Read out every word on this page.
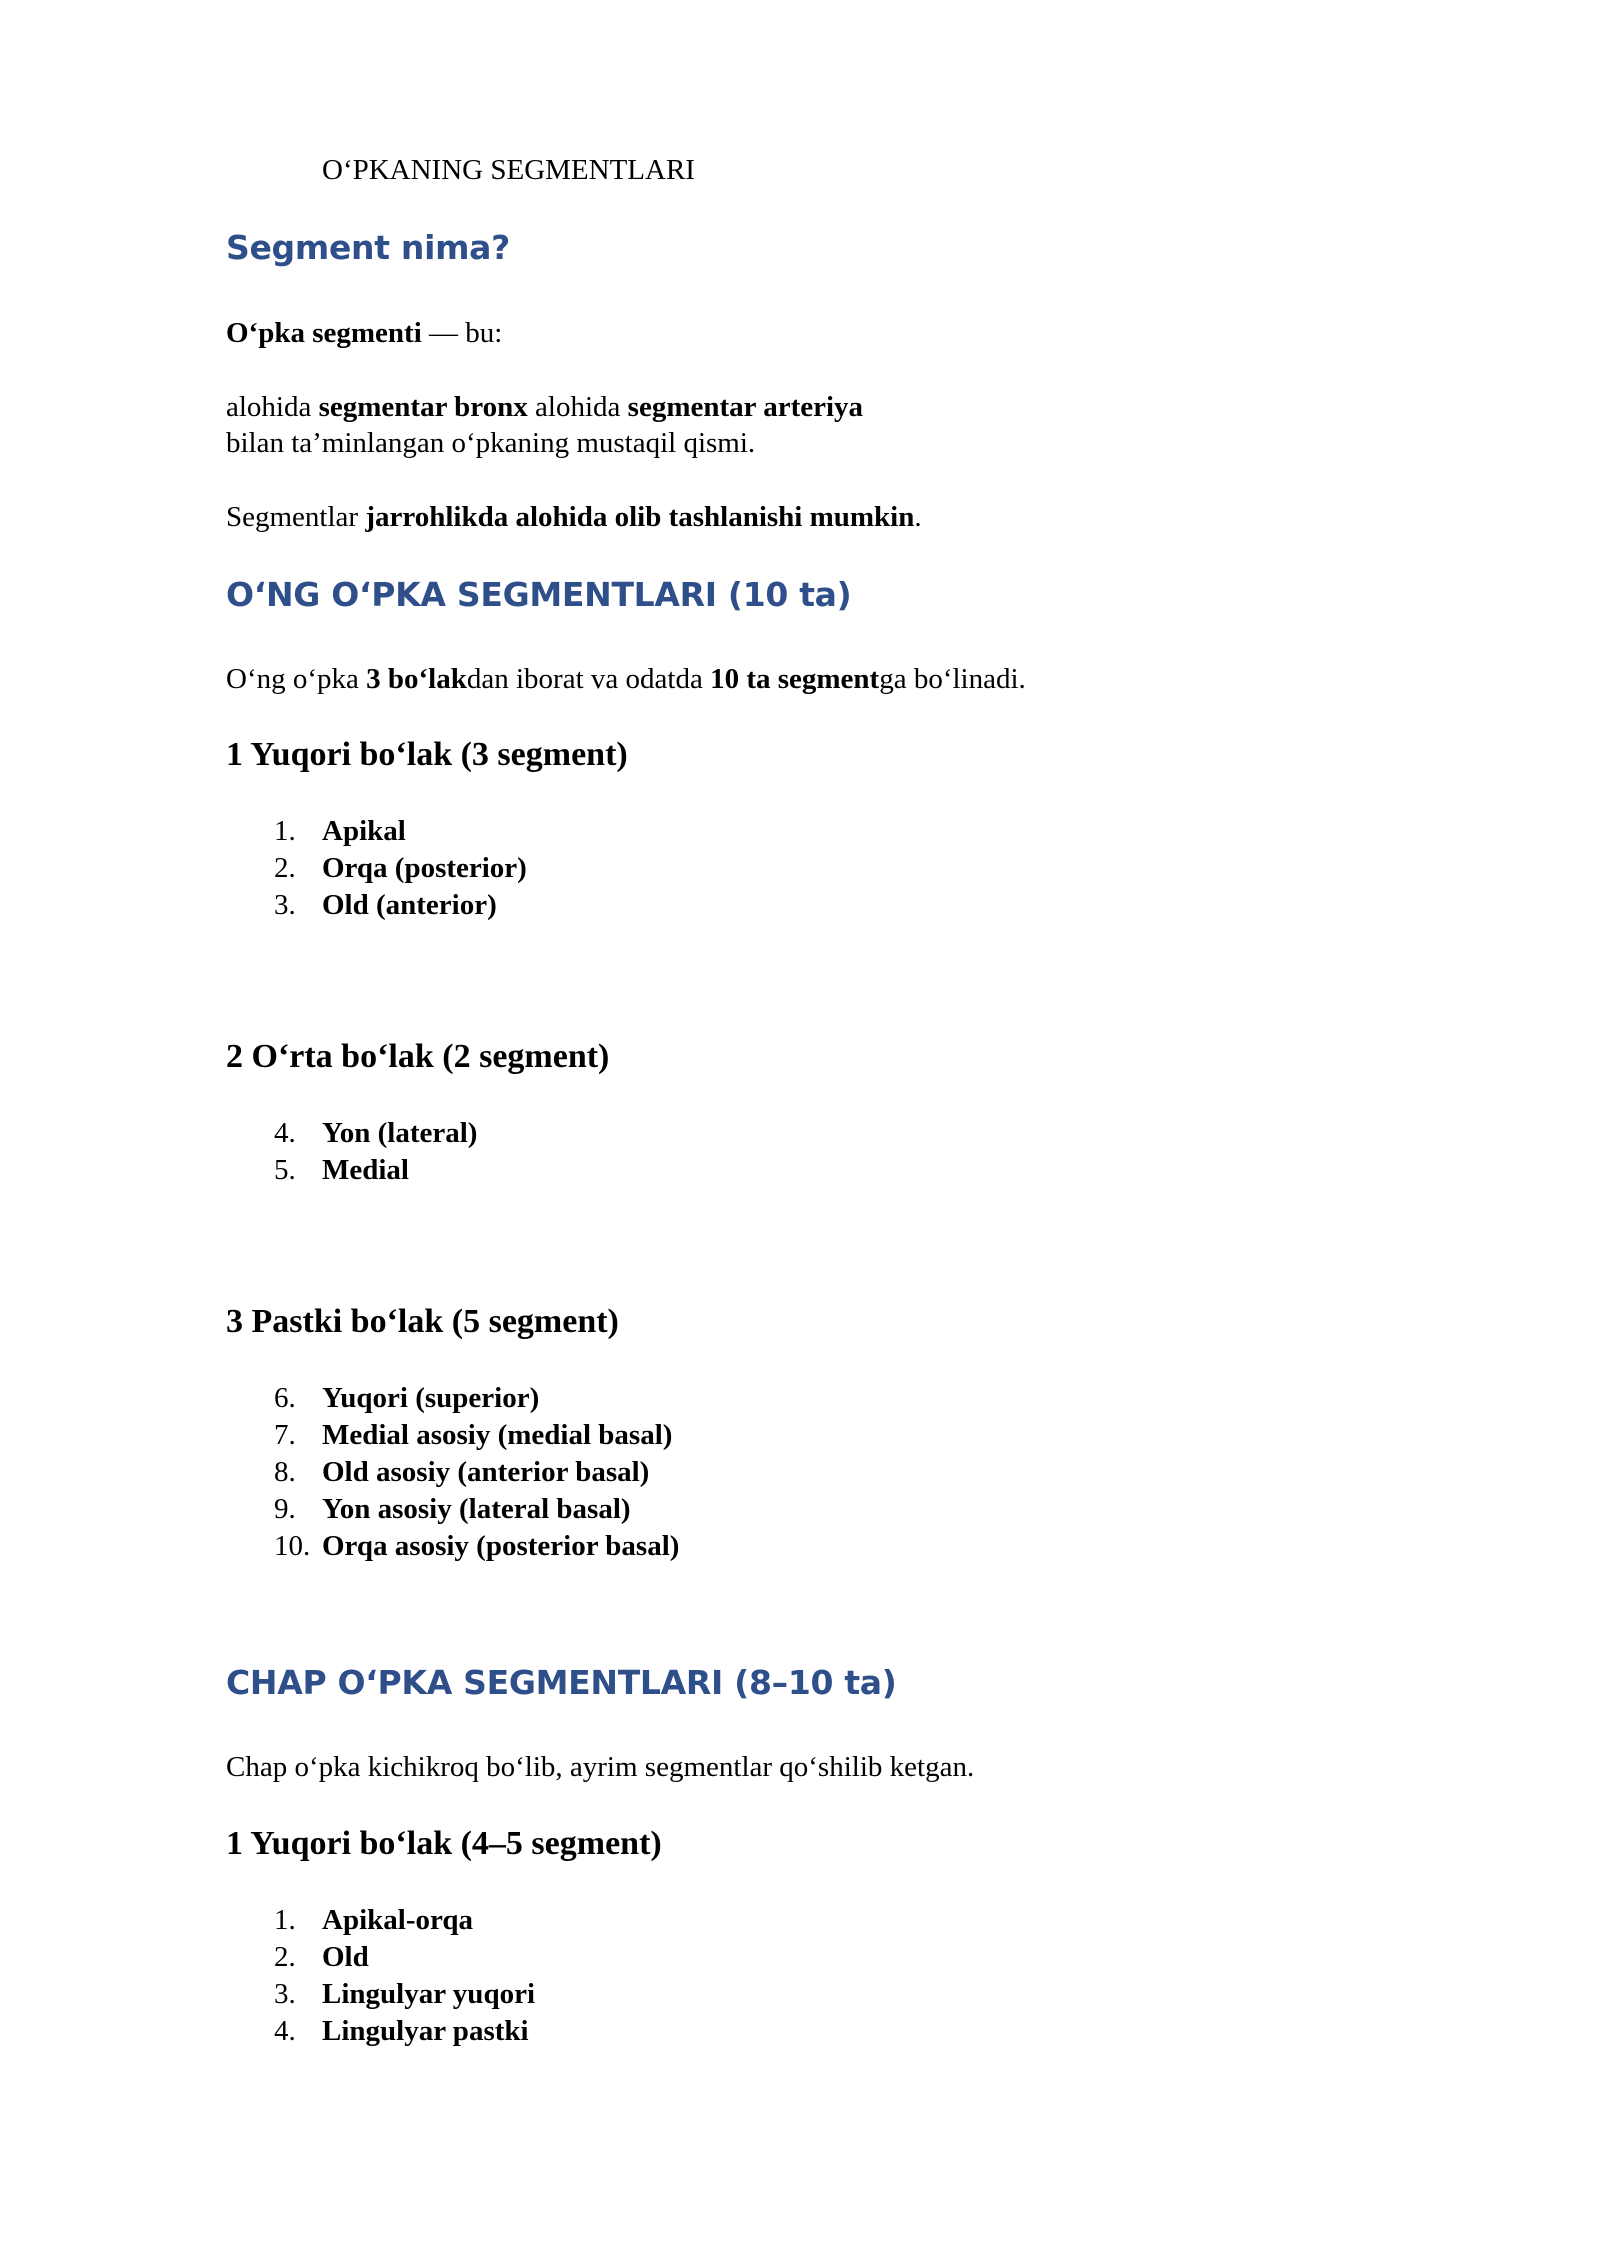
O‘PKANING SEGMENTLARI
Segment nima?
O‘pka segmenti — bu:
alohida segmentar bronx alohida segmentar arteriya
bilan ta’minlangan o‘pkaning mustaqil qismi.
Segmentlar jarrohlikda alohida olib tashlanishi mumkin.
O‘NG O‘PKA SEGMENTLARI (10 ta)
O‘ng o‘pka 3 bo‘lakdan iborat va odatda 10 ta segmentga bo‘linadi.
1 Yuqori bo‘lak (3 segment)
1. Apikal
2. Orqa (posterior)
3. Old (anterior)
2 O‘rta bo‘lak (2 segment)
4. Yon (lateral)
5. Medial
3 Pastki bo‘lak (5 segment)
6. Yuqori (superior)
7. Medial asosiy (medial basal)
8. Old asosiy (anterior basal)
9. Yon asosiy (lateral basal)
10. Orqa asosiy (posterior basal)
CHAP O‘PKA SEGMENTLARI (8–10 ta)
Chap o‘pka kichikroq bo‘lib, ayrim segmentlar qo‘shilib ketgan.
1 Yuqori bo‘lak (4–5 segment)
1. Apikal-orqa
2. Old
3. Lingulyar yuqori
4. Lingulyar pastki
